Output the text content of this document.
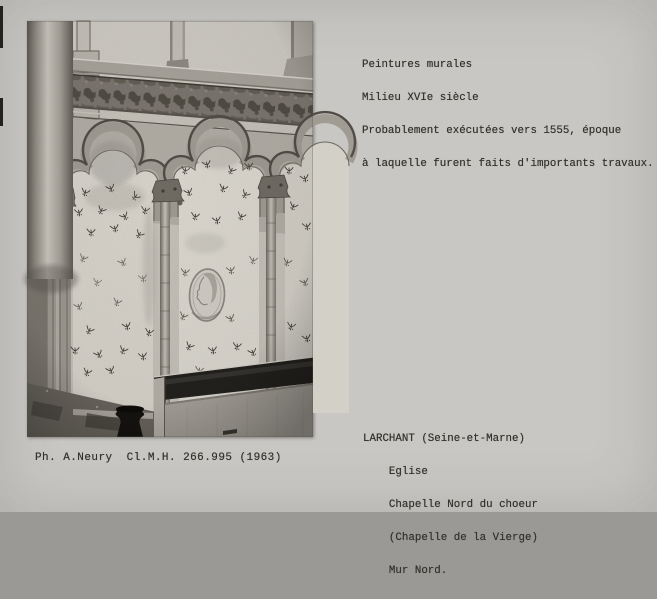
Peintures murales

Milieu XVIe siècle

Probablement exécutées vers 1555, époque

à laquelle furent faits d'importants travaux.

LARCHANT (Seine-et-Marne)

Eglise

Chapelle Nord du choeur

(Chapelle de la Vierge)

Mur Nord.

Ph. A.Neury  Cl.M.H. 266.995 (1963)
